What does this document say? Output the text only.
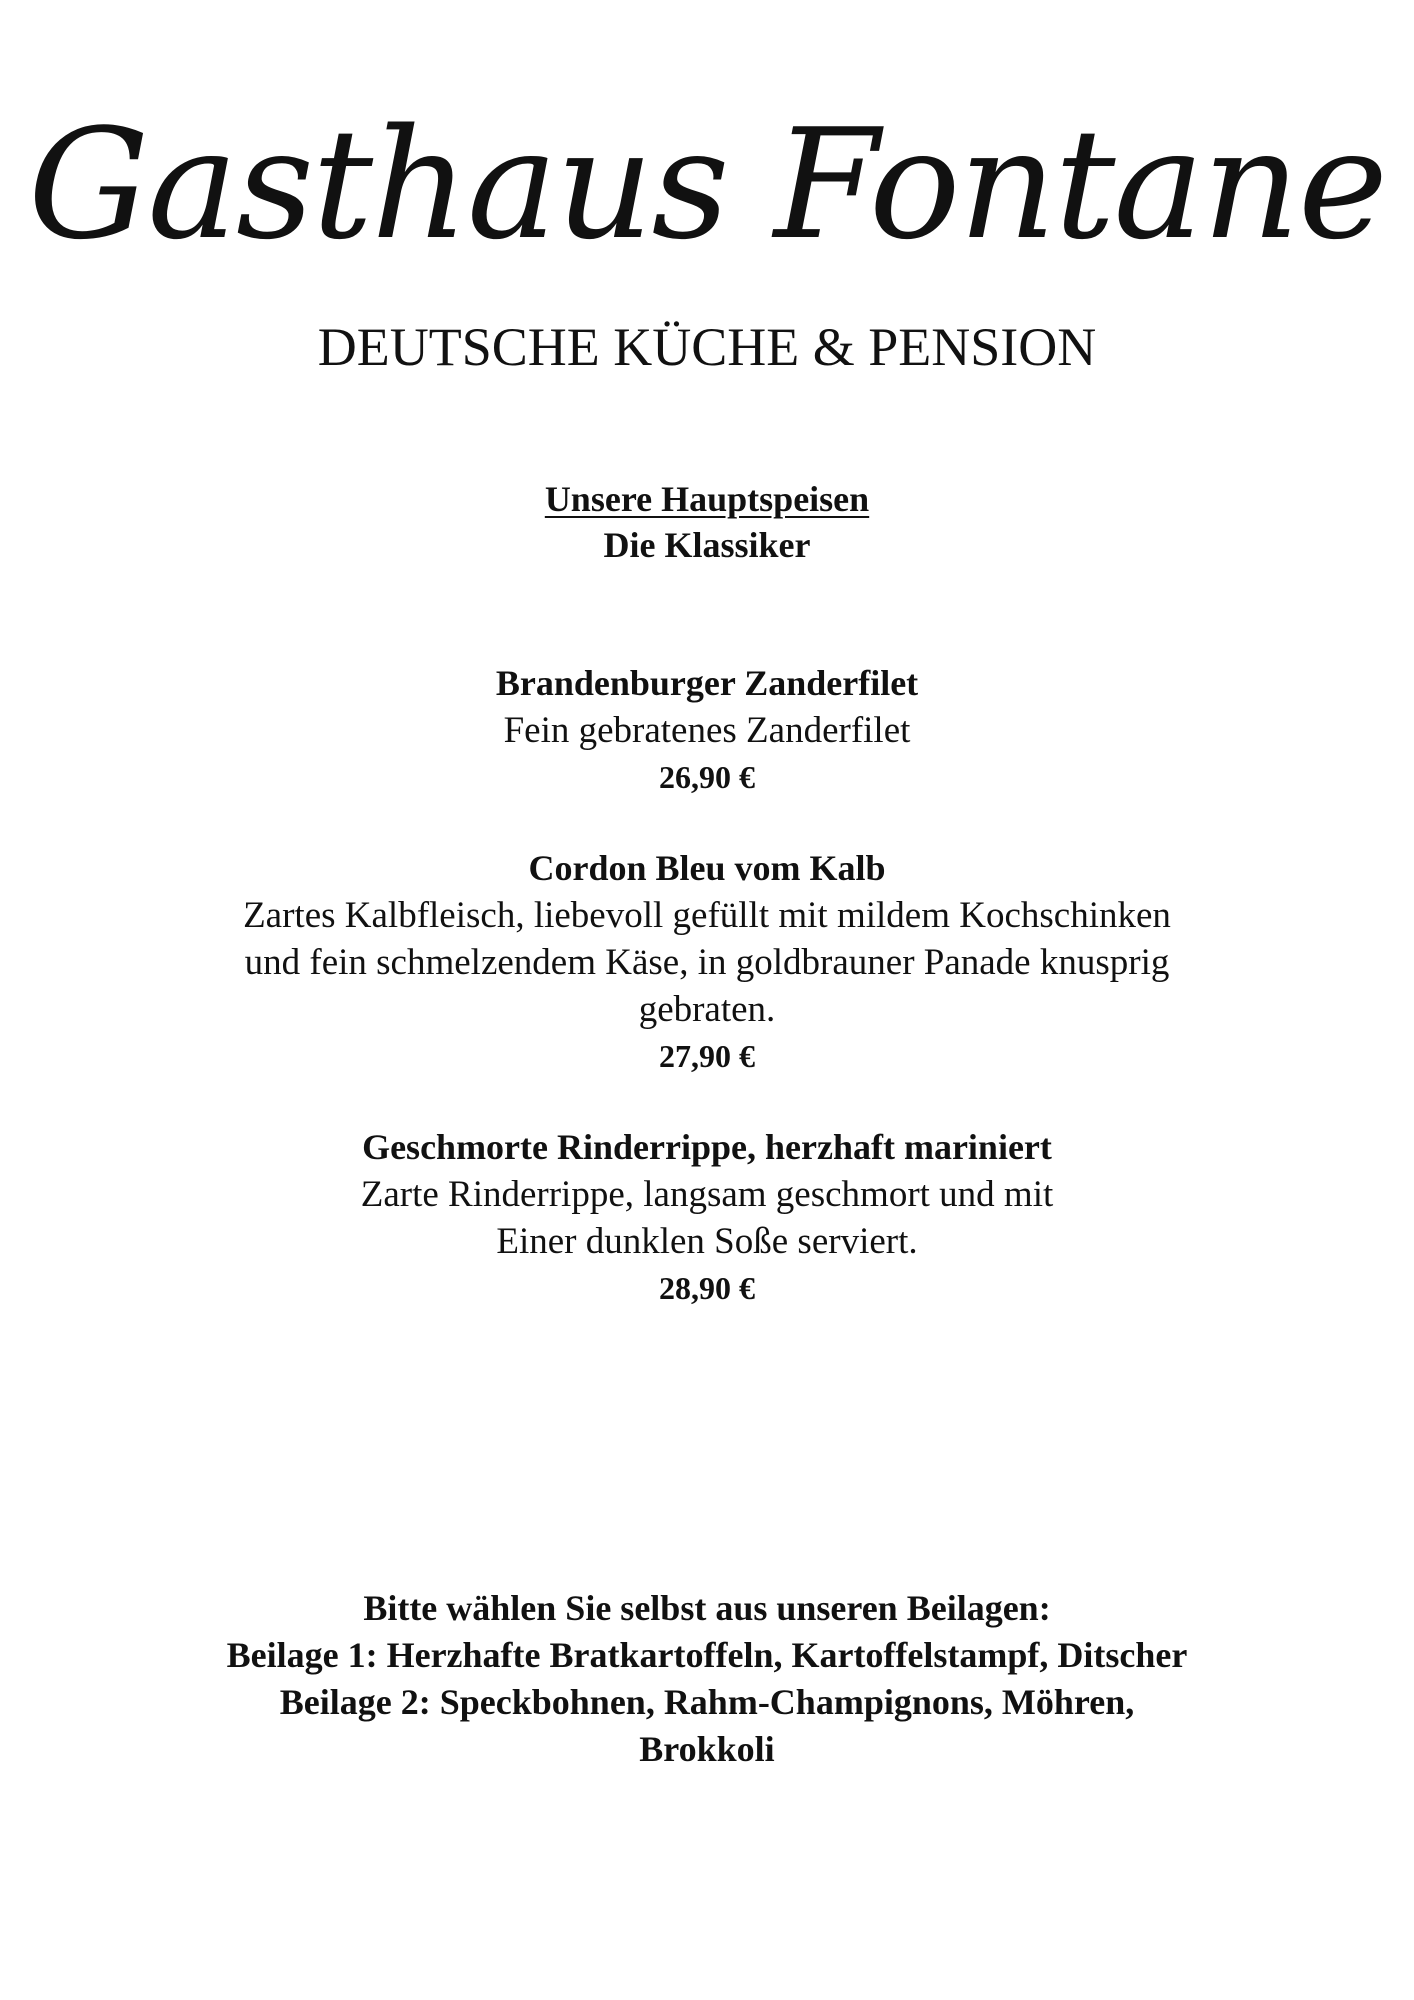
Gasthaus Fontane
DEUTSCHE KÜCHE & PENSION
Unsere Hauptspeisen
Die Klassiker
Brandenburger Zanderfilet
Fein gebratenes Zanderfilet
26,90 €
Cordon Bleu vom Kalb
Zartes Kalbfleisch, liebevoll gefüllt mit mildem Kochschinken
und fein schmelzendem Käse, in goldbrauner Panade knusprig
gebraten.
27,90 €
Geschmorte Rinderrippe, herzhaft mariniert
Zarte Rinderrippe, langsam geschmort und mit
Einer dunklen Soße serviert.
28,90 €
Bitte wählen Sie selbst aus unseren Beilagen:
Beilage 1: Herzhafte Bratkartoffeln, Kartoffelstampf, Ditscher
Beilage 2: Speckbohnen, Rahm-Champignons, Möhren,
Brokkoli
